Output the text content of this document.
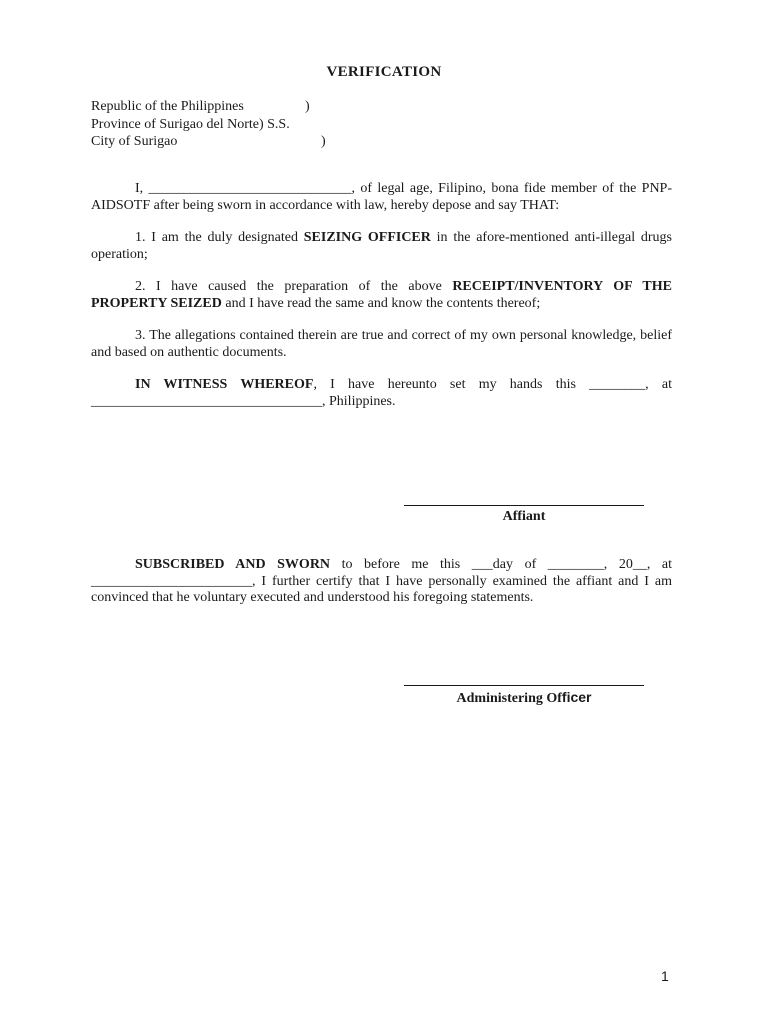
VERIFICATION
Republic of the Philippines	)
Province of Surigao del Norte) S.S.
City of Surigao	)

I, _____________________________, of legal age, Filipino, bona fide member of the PNP-AIDSOTF after being sworn in accordance with law, hereby depose and say THAT:

1. I am the duly designated SEIZING OFFICER in the afore-mentioned anti-illegal drugs operation;

2. I have caused the preparation of the above RECEIPT/INVENTORY OF THE PROPERTY SEIZED and I have read the same and know the contents thereof;

3. The allegations contained therein are true and correct of my own personal knowledge, belief and based on authentic documents.

IN WITNESS WHEREOF, I have hereunto set my hands this ________, at _________________________________, Philippines.

Affiant

SUBSCRIBED AND SWORN to before me this ___day of ________, 20__, at _______________________, I further certify that I have personally examined the affiant and I am convinced that he voluntary executed and understood his foregoing statements.

Administering Officer
1
